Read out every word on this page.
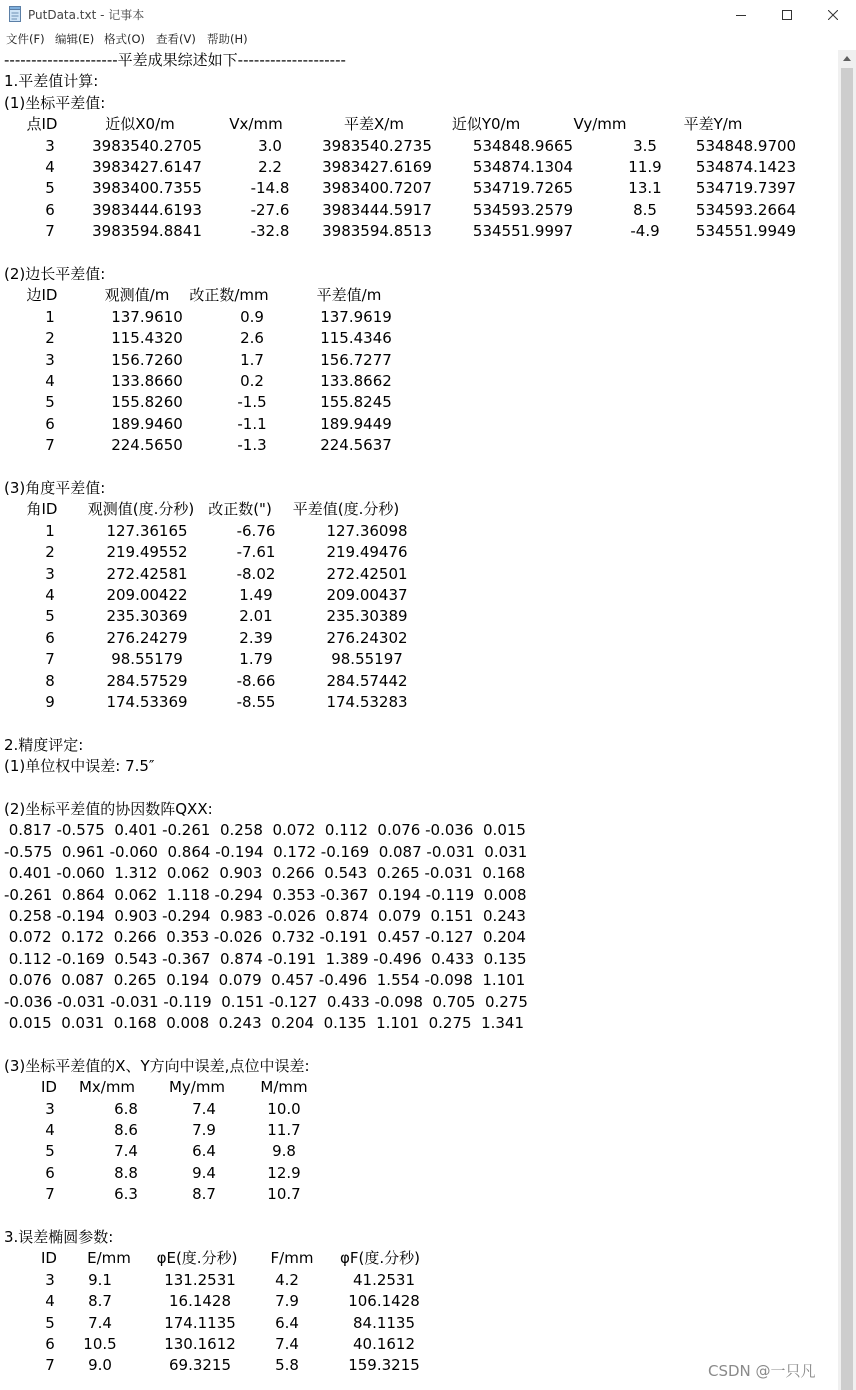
PutData.txt - 记事本
文件(F) 编辑(E) 格式(O) 查看(V) 帮助(H)
---------------------平差成果综述如下--------------------
1.平差值计算:
(1)坐标平差值:
点ID	近似X0/m	Vx/mm	平差X/m	近似Y0/m	Vy/mm	平差Y/m
3 3983540.2705	3.0	3983540.2735	534848.9665	3.5	534848.9700
4 3983427.6147	2.2	3983427.6169	534874.1304	11.9 534874.1423
5 3983400.7355	-14.8 3983400.7207	534719.7265	13.1 534719.7397
6 3983444.6193	-27.6 3983444.5917	534593.2579	8.5	534593.2664
7 3983594.8841	-32.8 3983594.8513	534551.9997	-4.9 534551.9949
(2)边长平差值:
边ID	观测值/m 改正数/mm	平差值/m
1	137.9610	0.9	137.9619
2	115.4320	2.6	115.4346
3	156.7260	1.7	156.7277
4	133.8660	0.2	133.8662
5	155.8260	-1.5	155.8245
6	189.9460	-1.1	189.9449
7	224.5650	-1.3	224.5637
(3)角度平差值:
角ID 观测值(度.分秒) 改正数(") 平差值(度.分秒)
1	127.36165	-6.76	127.36098
2	219.49552	-7.61	219.49476
3	272.42581	-8.02	272.42501
4	209.00422	1.49	209.00437
5	235.30369	2.01	235.30389
6	276.24279	2.39	276.24302
7	98.55179	1.79	98.55197
8	284.57529	-8.66	284.57442
9	174.53369	-8.55	174.53283
2.精度评定:
(1)单位权中误差: 7.5″
(2)坐标平差值的协因数阵QXX:
0.817 -0.575  0.401 -0.261  0.258  0.072  0.112  0.076 -0.036  0.015
-0.575  0.961 -0.060  0.864 -0.194  0.172 -0.169  0.087 -0.031  0.031
0.401 -0.060  1.312  0.062  0.903  0.266  0.543  0.265 -0.031  0.168
-0.261  0.864  0.062  1.118 -0.294  0.353 -0.367  0.194 -0.119  0.008
0.258 -0.194  0.903 -0.294  0.983 -0.026  0.874  0.079  0.151  0.243
0.072  0.172  0.266  0.353 -0.026  0.732 -0.191  0.457 -0.127  0.204
0.112 -0.169  0.543 -0.367  0.874 -0.191  1.389 -0.496  0.433  0.135
0.076  0.087  0.265  0.194  0.079  0.457 -0.496  1.554 -0.098  1.101
-0.036 -0.031 -0.031 -0.119  0.151 -0.127  0.433 -0.098  0.705  0.275
0.015  0.031  0.168  0.008  0.243  0.204  0.135  1.101  0.275  1.341
(3)坐标平差值的X、Y方向中误差,点位中误差:
ID Mx/mm My/mm M/mm
3	6.8	7.4	10.0
4	8.6	7.9	11.7
5	7.4	6.4	9.8
6	8.8	9.4	12.9
7	6.3	8.7	10.7
3.误差椭圆参数:
ID E/mm φE(度.分秒) F/mm φF(度.分秒)
3 9.1	131.2531	4.2	41.2531
4 8.7	16.1428	7.9	106.1428
5 7.4	174.1135	6.4	84.1135
6 10.5	130.1612	7.4	40.1612
7 9.0	69.3215	5.8	159.3215	CSDN @一只凡
